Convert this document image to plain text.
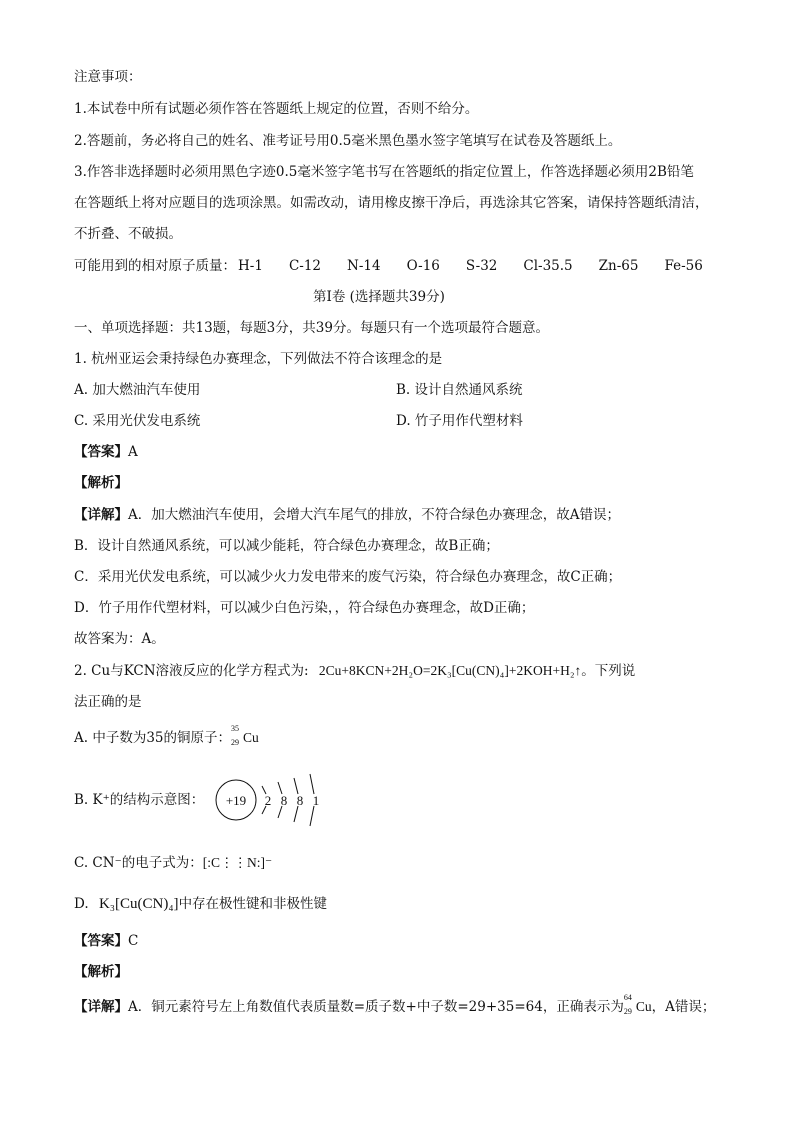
注意事项：
1.本试卷中所有试题必须作答在答题纸上规定的位置，否则不给分。
2.答题前，务必将自己的姓名、准考证号用0.5毫米黑色墨水签字笔填写在试卷及答题纸上。
3.作答非选择题时必须用黑色字迹0.5毫米签字笔书写在答题纸的指定位置上，作答选择题必须用2B铅笔
在答题纸上将对应题目的选项涂黑。如需改动，请用橡皮擦干净后，再选涂其它答案，请保持答题纸清洁，
不折叠、不破损。
可能用到的相对原子质量： H-1 C-12 N-14 O-16 S-32 Cl-35.5 Zn-65 Fe-56
第Ⅰ卷 (选择题共39分)
一、单项选择题：共13题，每题3分，共39分。每题只有一个选项最符合题意。
1. 杭州亚运会秉持绿色办赛理念，下列做法不符合该理念的是
A. 加大燃油汽车使用	B. 设计自然通风系统
C. 采用光伏发电系统	D. 竹子用作代塑材料
【答案】A
【解析】
【详解】A．加大燃油汽车使用，会增大汽车尾气的排放，不符合绿色办赛理念，故A错误；
B．设计自然通风系统，可以减少能耗，符合绿色办赛理念，故B正确；
C．采用光伏发电系统，可以减少火力发电带来的废气污染，符合绿色办赛理念，故C正确；
D．竹子用作代塑材料，可以减少白色污染，，符合绿色办赛理念，故D正确；
故答案为：A。
2. Cu与KCN溶液反应的化学方程式为: 2Cu+8KCN+2H₂O=2K₃[Cu(CN)₄]+2KOH+H₂↑。下列说
法正确的是
A. 中子数为35的铜原子：
35
29 Cu
B. K⁺的结构示意图： +19 2 8 8 1
C. CN⁻的电子式为：[:C⋮⋮N:]⁻
D. K₃[Cu(CN)₄]中存在极性键和非极性键
【答案】C
【解析】
【详解】A．铜元素符号左上角数值代表质量数=质子数+中子数=29+35=64，正确表示为
64
29 Cu，A错误；
